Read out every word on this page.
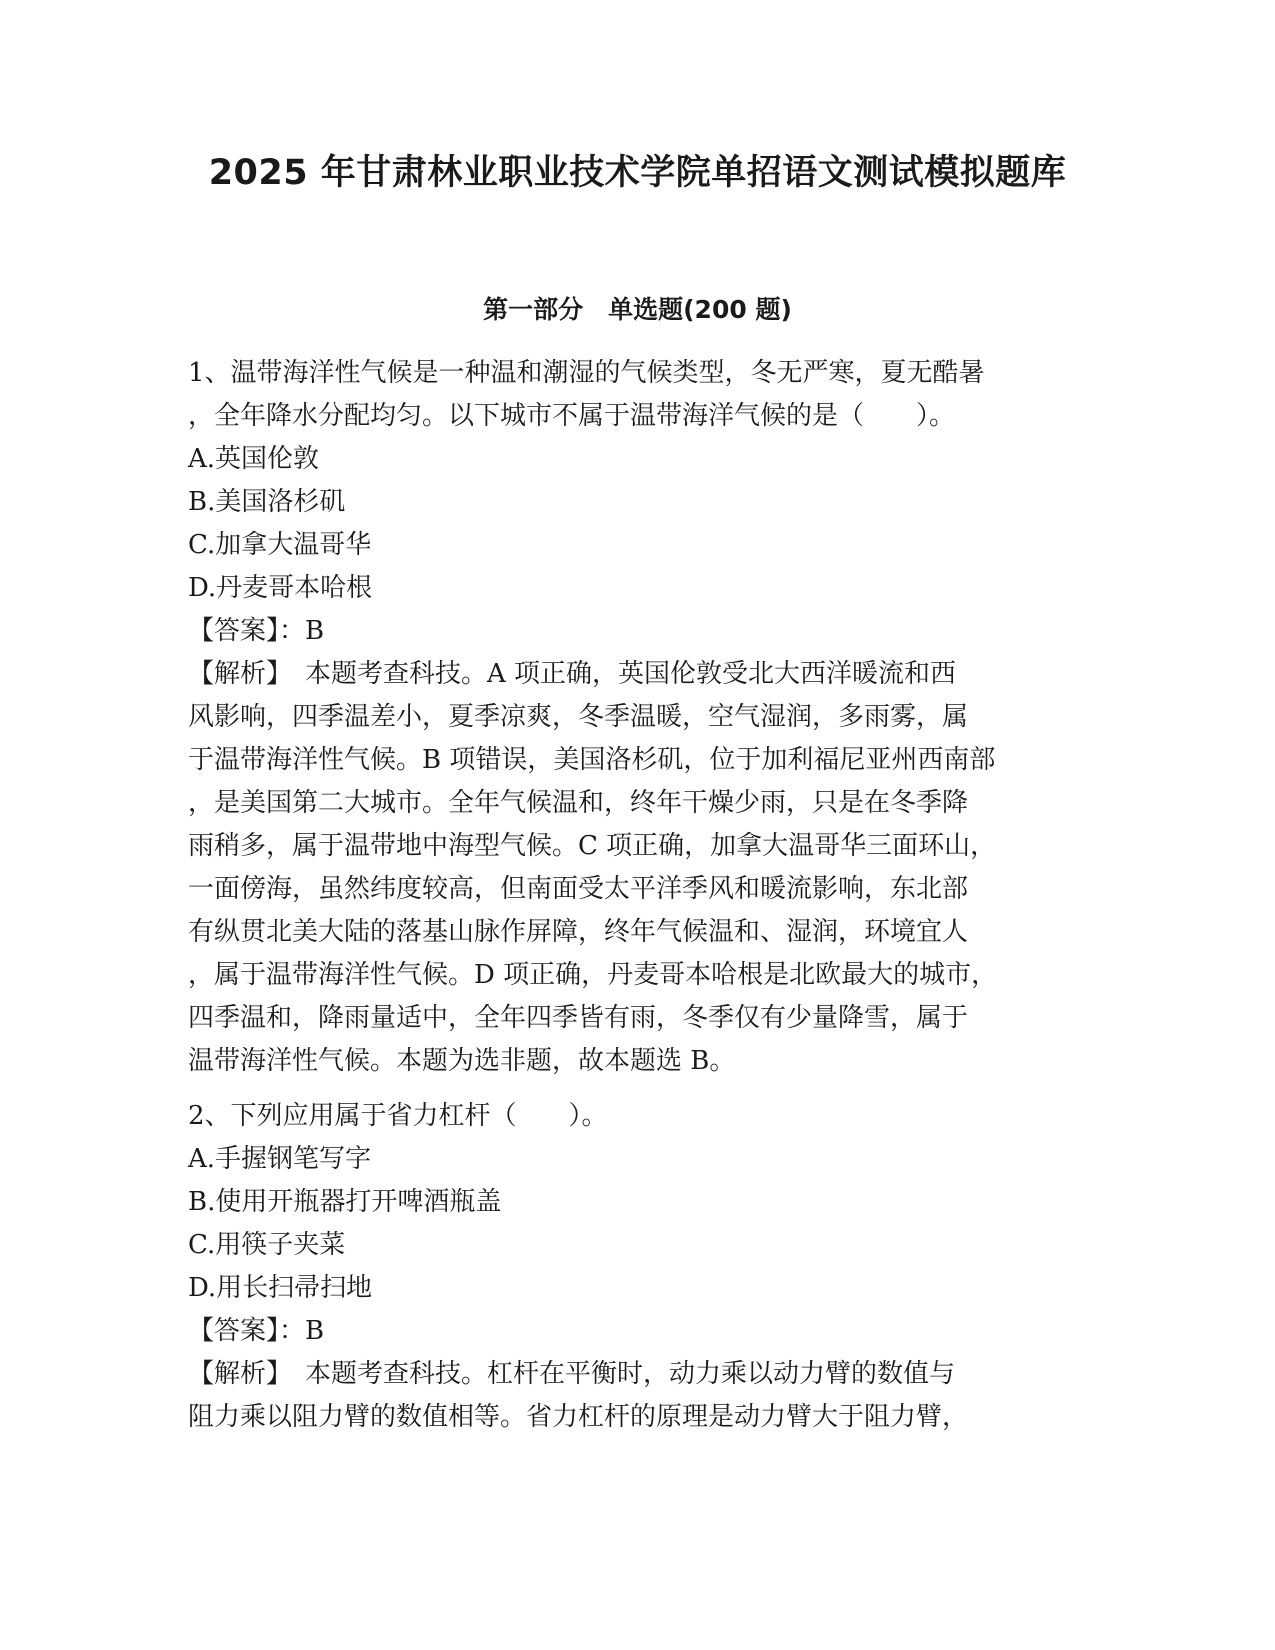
2025 年甘肃林业职业技术学院单招语文测试模拟题库
第一部分　单选题(200 题)
1、温带海洋性气候是一种温和潮湿的气候类型，冬无严寒，夏无酷暑
，全年降水分配均匀。以下城市不属于温带海洋气候的是（　　）。
A.英国伦敦
B.美国洛杉矶
C.加拿大温哥华
D.丹麦哥本哈根
【答案】：B
【解析】　本题考查科技。A 项正确，英国伦敦受北大西洋暖流和西
风影响，四季温差小，夏季凉爽，冬季温暖，空气湿润，多雨雾，属
于温带海洋性气候。B 项错误，美国洛杉矶，位于加利福尼亚州西南部
，是美国第二大城市。全年气候温和，终年干燥少雨，只是在冬季降
雨稍多，属于温带地中海型气候。C 项正确，加拿大温哥华三面环山，
一面傍海，虽然纬度较高，但南面受太平洋季风和暖流影响，东北部
有纵贯北美大陆的落基山脉作屏障，终年气候温和、湿润，环境宜人
，属于温带海洋性气候。D 项正确，丹麦哥本哈根是北欧最大的城市，
四季温和，降雨量适中，全年四季皆有雨，冬季仅有少量降雪，属于
温带海洋性气候。本题为选非题，故本题选 B。
2、下列应用属于省力杠杆（　　）。
A.手握钢笔写字
B.使用开瓶器打开啤酒瓶盖
C.用筷子夹菜
D.用长扫帚扫地
【答案】：B
【解析】　本题考查科技。杠杆在平衡时，动力乘以动力臂的数值与
阻力乘以阻力臂的数值相等。省力杠杆的原理是动力臂大于阻力臂，
